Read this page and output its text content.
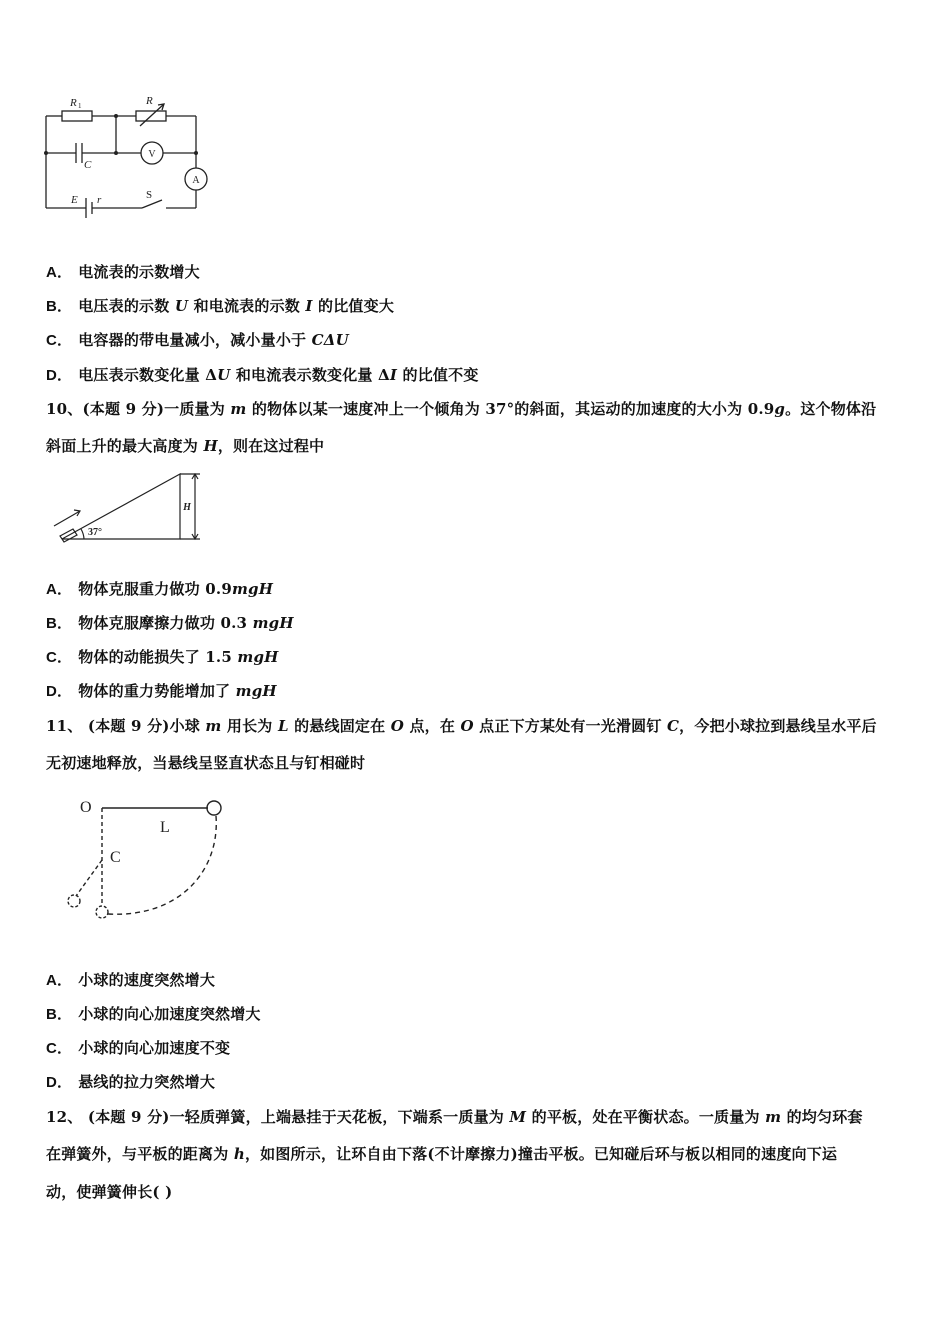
R 1	R
C
E r	S
V
A
A． 电流表的示数增大
B． 电压表的示数 U 和电流表的示数 I 的比值变大
C． 电容器的带电量减小，减小量小于 CΔU
D． 电压表示数变化量 ΔU 和电流表示数变化量 ΔI 的比值不变
10、(本题 9 分)一质量为 m 的物体以某一速度冲上一个倾角为 37°的斜面，其运动的加速度的大小为 0.9g。这个物体沿
斜面上升的最大高度为 H，则在这过程中
37°
H
A． 物体克服重力做功 0.9mgH
B． 物体克服摩擦力做功 0.3 mgH
C． 物体的动能损失了 1.5 mgH
D． 物体的重力势能增加了 mgH
11、 (本题 9 分)小球 m 用长为 L 的悬线固定在 O 点，在 O 点正下方某处有一光滑圆钉 C，今把小球拉到悬线呈水平后
无初速地释放，当悬线呈竖直状态且与钉相碰时
O
L
C
A． 小球的速度突然增大
B． 小球的向心加速度突然增大
C． 小球的向心加速度不变
D． 悬线的拉力突然增大
12、 (本题 9 分)一轻质弹簧，上端悬挂于天花板，下端系一质量为 M 的平板，处在平衡状态。一质量为 m 的均匀环套
在弹簧外，与平板的距离为 h，如图所示，让环自由下落(不计摩擦力)撞击平板。已知碰后环与板以相同的速度向下运
动，使弹簧伸长( )
